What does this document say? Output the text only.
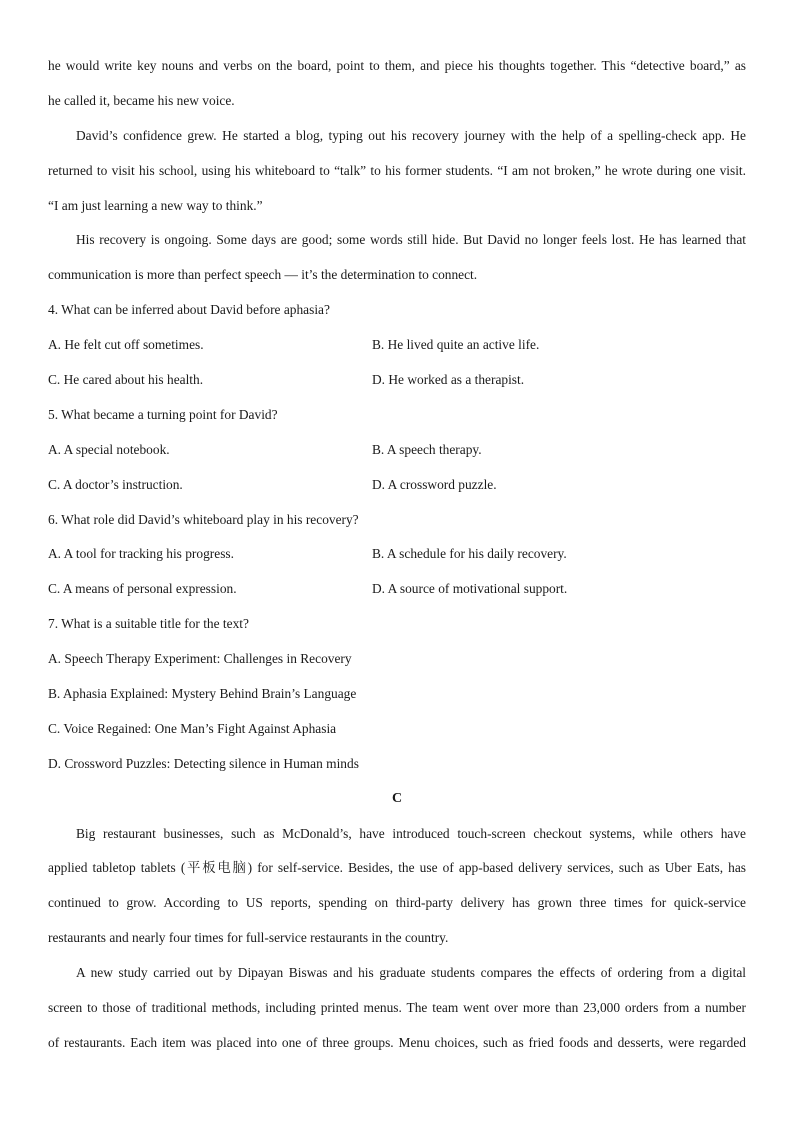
he would write key nouns and verbs on the board, point to them, and piece his thoughts together. This “detective board,” as
he called it, became his new voice.
David’s confidence grew. He started a blog, typing out his recovery journey with the help of a spelling-check app. He
returned to visit his school, using his whiteboard to “talk” to his former students. “I am not broken,” he wrote during one visit.
“I am just learning a new way to think.”
His recovery is ongoing. Some days are good; some words still hide. But David no longer feels lost. He has learned that
communication is more than perfect speech — it’s the determination to connect.
4. What can be inferred about David before aphasia?
A. He felt cut off sometimes.	B. He lived quite an active life.
C. He cared about his health.	D. He worked as a therapist.
5. What became a turning point for David?
A. A special notebook.	B. A speech therapy.
C. A doctor’s instruction.	D. A crossword puzzle.
6. What role did David’s whiteboard play in his recovery?
A. A tool for tracking his progress.	B. A schedule for his daily recovery.
C. A means of personal expression.	D. A source of motivational support.
7. What is a suitable title for the text?
A. Speech Therapy Experiment: Challenges in Recovery
B. Aphasia Explained: Mystery Behind Brain’s Language
C. Voice Regained: One Man’s Fight Against Aphasia
D. Crossword Puzzles: Detecting silence in Human minds
C
Big restaurant businesses, such as McDonald’s, have introduced touch-screen checkout systems, while others have
applied tabletop tablets (平板电脑) for self-service. Besides, the use of app-based delivery services, such as Uber Eats, has
continued to grow. According to US reports, spending on third-party delivery has grown three times for quick-service
restaurants and nearly four times for full-service restaurants in the country.
A new study carried out by Dipayan Biswas and his graduate students compares the effects of ordering from a digital
screen to those of traditional methods, including printed menus. The team went over more than 23,000 orders from a number
of restaurants. Each item was placed into one of three groups. Menu choices, such as fried foods and desserts, were regarded
